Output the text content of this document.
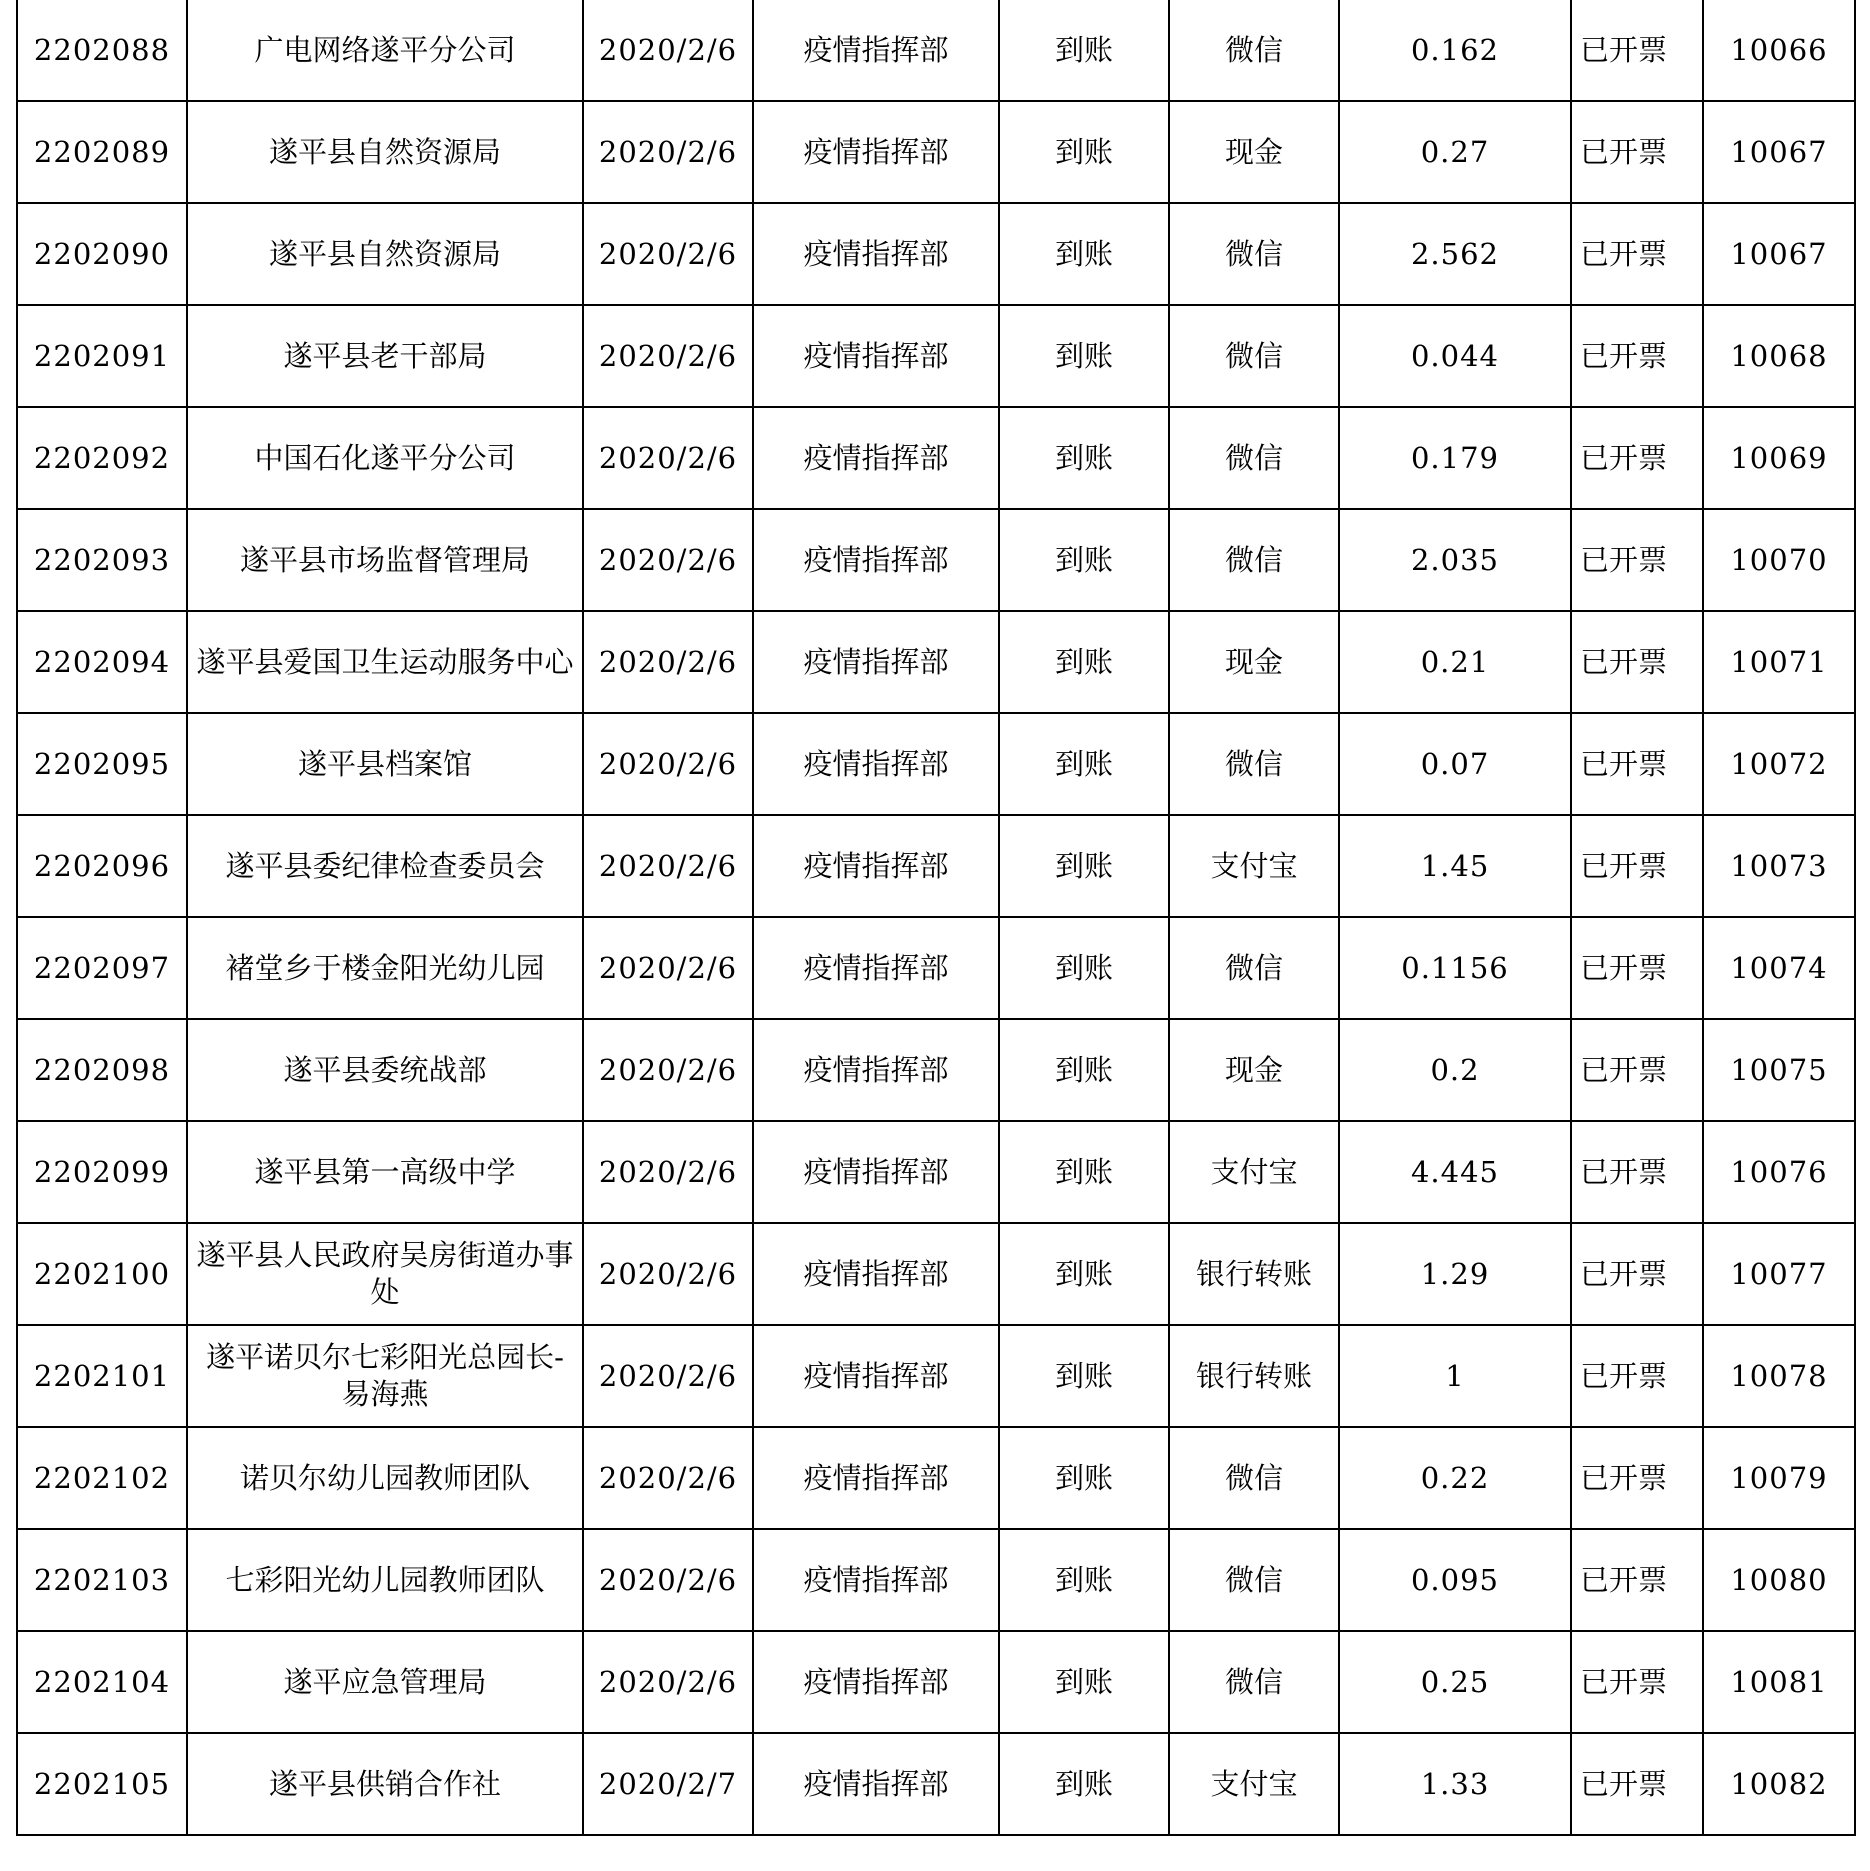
2202088	广电网络遂平分公司	2020/2/6	疫情指挥部	到账	微信	0.162	已开票	10066
2202089	遂平县自然资源局	2020/2/6	疫情指挥部	到账	现金	0.27	已开票	10067
2202090	遂平县自然资源局	2020/2/6	疫情指挥部	到账	微信	2.562	已开票	10067
2202091	遂平县老干部局	2020/2/6	疫情指挥部	到账	微信	0.044	已开票	10068
2202092	中国石化遂平分公司	2020/2/6	疫情指挥部	到账	微信	0.179	已开票	10069
2202093	遂平县市场监督管理局	2020/2/6	疫情指挥部	到账	微信	2.035	已开票	10070
2202094	遂平县爱国卫生运动服务中心	2020/2/6	疫情指挥部	到账	现金	0.21	已开票	10071
2202095	遂平县档案馆	2020/2/6	疫情指挥部	到账	微信	0.07	已开票	10072
2202096	遂平县委纪律检查委员会	2020/2/6	疫情指挥部	到账	支付宝	1.45	已开票	10073
2202097	褚堂乡于楼金阳光幼儿园	2020/2/6	疫情指挥部	到账	微信	0.1156	已开票	10074
2202098	遂平县委统战部	2020/2/6	疫情指挥部	到账	现金	0.2	已开票	10075
2202099	遂平县第一高级中学	2020/2/6	疫情指挥部	到账	支付宝	4.445	已开票	10076
2202100	遂平县人民政府吴房街道办事处	2020/2/6	疫情指挥部	到账	银行转账	1.29	已开票	10077
2202101	遂平诺贝尔七彩阳光总园长-易海燕	2020/2/6	疫情指挥部	到账	银行转账	1	已开票	10078
2202102	诺贝尔幼儿园教师团队	2020/2/6	疫情指挥部	到账	微信	0.22	已开票	10079
2202103	七彩阳光幼儿园教师团队	2020/2/6	疫情指挥部	到账	微信	0.095	已开票	10080
2202104	遂平应急管理局	2020/2/6	疫情指挥部	到账	微信	0.25	已开票	10081
2202105	遂平县供销合作社	2020/2/7	疫情指挥部	到账	支付宝	1.33	已开票	10082
